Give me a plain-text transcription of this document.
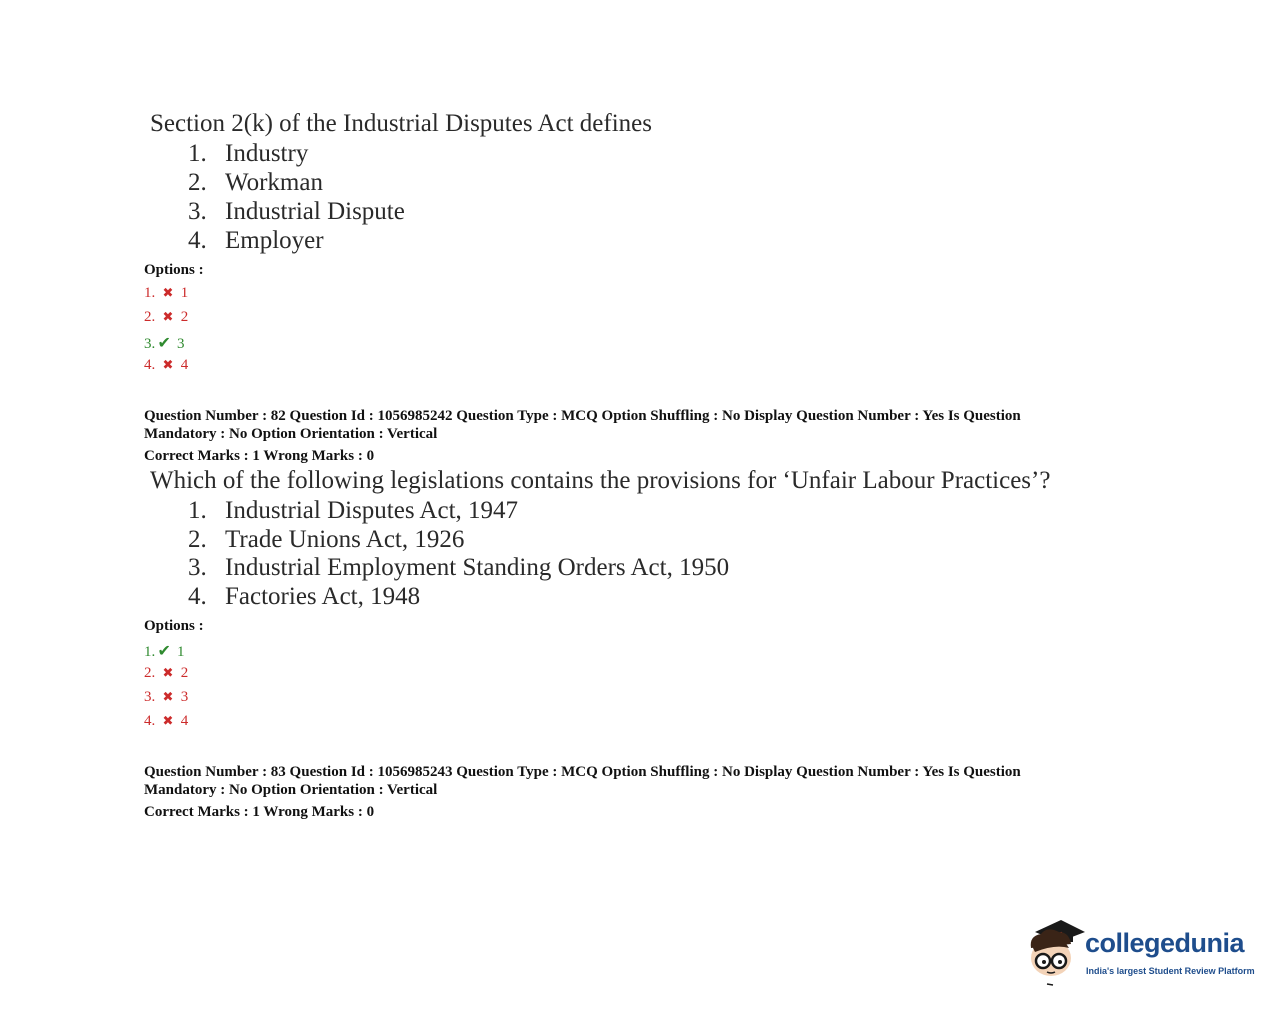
Section 2(k) of the Industrial Disputes Act defines
1. Industry
2. Workman
3. Industrial Dispute
4. Employer
Options :
1. ✖ 1
2. ✖ 2
3. ✔ 3
4. ✖ 4
Question Number : 82 Question Id : 1056985242 Question Type : MCQ Option Shuffling : No Display Question Number : Yes Is Question
Mandatory : No Option Orientation : Vertical
Correct Marks : 1 Wrong Marks : 0
Which of the following legislations contains the provisions for ‘Unfair Labour Practices’?
1. Industrial Disputes Act, 1947
2. Trade Unions Act, 1926
3. Industrial Employment Standing Orders Act, 1950
4. Factories Act, 1948
Options :
1. ✔ 1
2. ✖ 2
3. ✖ 3
4. ✖ 4
Question Number : 83 Question Id : 1056985243 Question Type : MCQ Option Shuffling : No Display Question Number : Yes Is Question
Mandatory : No Option Orientation : Vertical
Correct Marks : 1 Wrong Marks : 0
collegedunia
India's largest Student Review Platform
